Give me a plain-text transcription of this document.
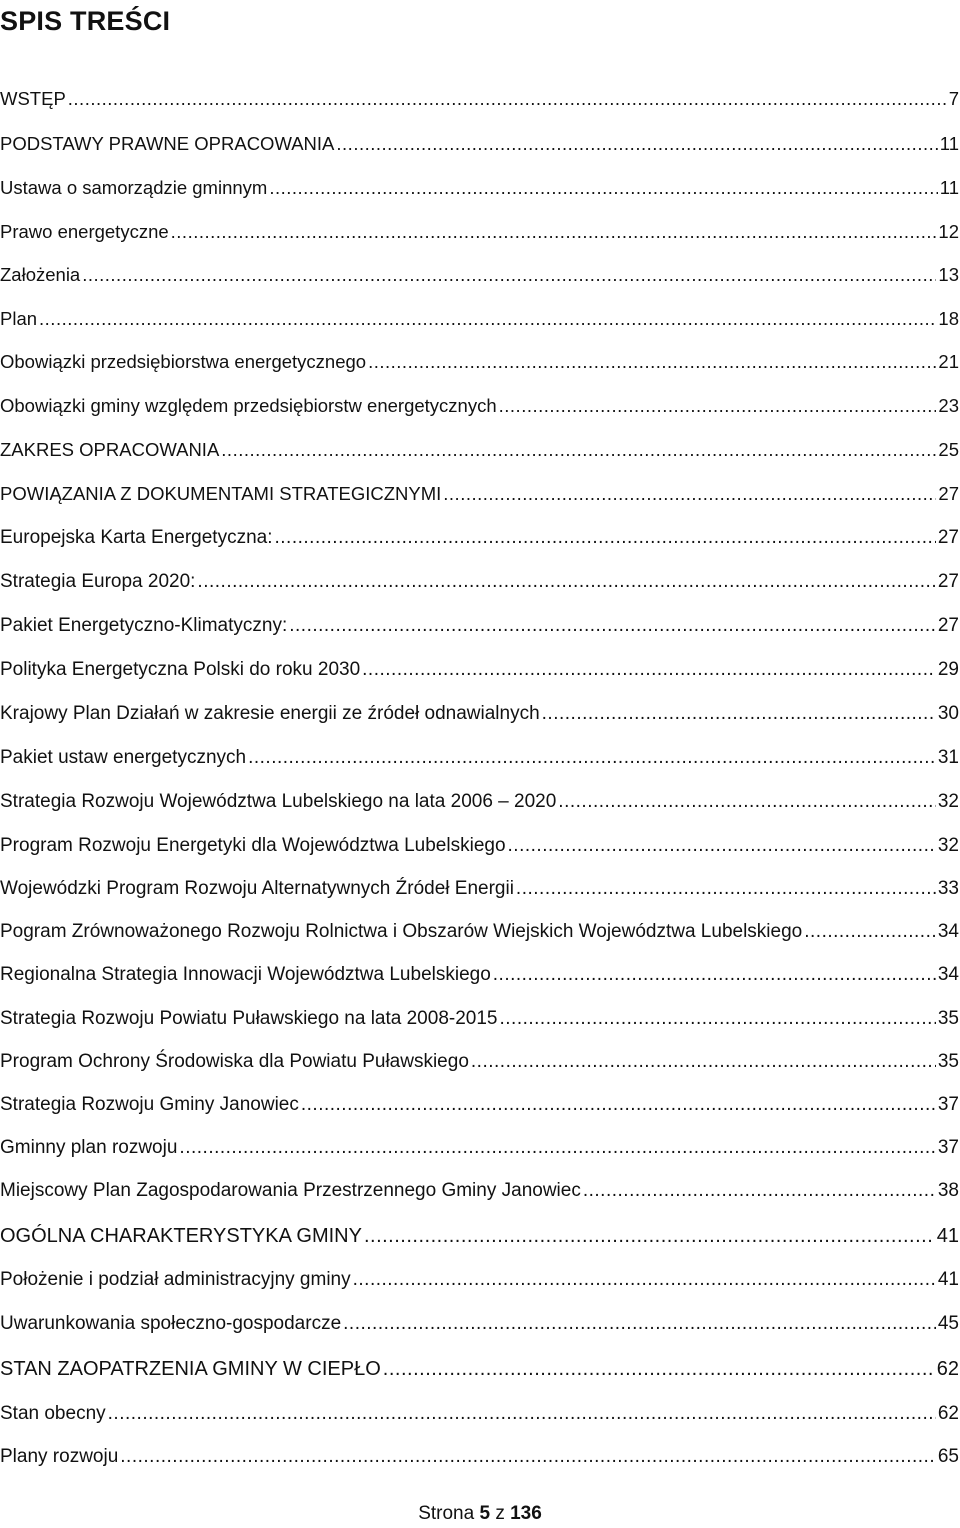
SPIS TREŚCI
WSTĘP .....	7
PODSTAWY PRAWNE OPRACOWANIA .....	11
Ustawa o samorządzie gminnym .....	11
Prawo energetyczne .....	12
Założenia .....	13
Plan .....	18
Obowiązki przedsiębiorstwa energetycznego .....	21
Obowiązki gminy względem przedsiębiorstw energetycznych .....	23
ZAKRES OPRACOWANIA .....	25
POWIĄZANIA Z DOKUMENTAMI STRATEGICZNYMI .....	27
Europejska Karta Energetyczna: .....	27
Strategia Europa 2020: .....	27
Pakiet Energetyczno-Klimatyczny: .....	27
Polityka Energetyczna Polski do roku 2030 .....	29
Krajowy Plan Działań w zakresie energii ze źródeł odnawialnych .....	30
Pakiet ustaw energetycznych .....	31
Strategia Rozwoju Województwa Lubelskiego na lata 2006 – 2020 .....	32
Program Rozwoju Energetyki dla Województwa Lubelskiego .....	32
Wojewódzki Program Rozwoju Alternatywnych Źródeł Energii .....	33
Pogram Zrównoważonego Rozwoju Rolnictwa i Obszarów Wiejskich Województwa Lubelskiego .....	34
Regionalna Strategia Innowacji Województwa Lubelskiego .....	34
Strategia Rozwoju Powiatu Puławskiego na lata 2008-2015 .....	35
Program Ochrony Środowiska dla Powiatu Puławskiego .....	35
Strategia Rozwoju Gminy Janowiec .....	37
Gminny plan rozwoju .....	37
Miejscowy Plan Zagospodarowania Przestrzennego Gminy Janowiec .....	38
OGÓLNA CHARAKTERYSTYKA GMINY .....	41
Położenie i podział administracyjny gminy .....	41
Uwarunkowania społeczno-gospodarcze .....	45
STAN ZAOPATRZENIA GMINY W CIEPŁO .....	62
Stan obecny .....	62
Plany rozwoju .....	65
Strona 5 z 136
